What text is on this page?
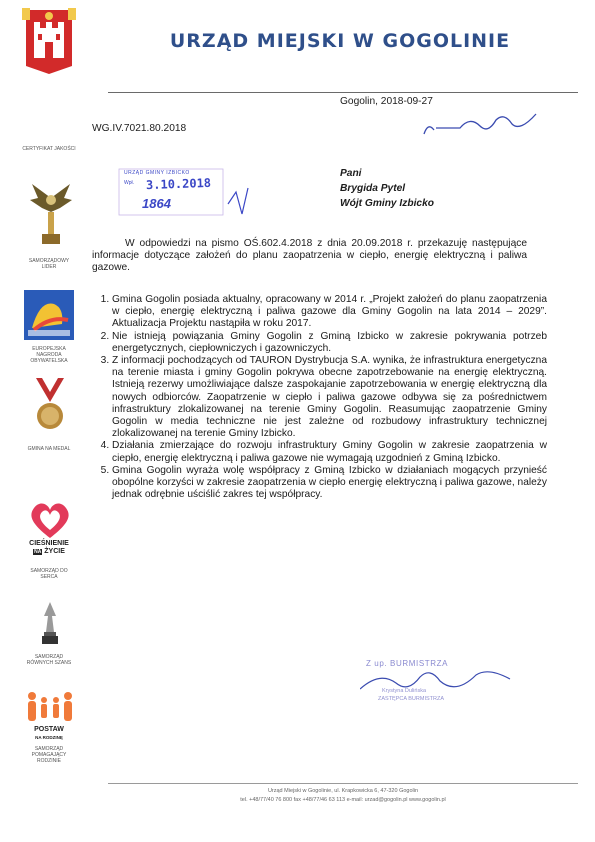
URZĄD MIEJSKI W GOGOLINIE
CERTYFIKAT JAKOŚCI
SAMORZĄDOWY LIDER
EUROPEJSKA NAGRODA OBYWATELSKA
GMINA NA MEDAL
CIEŚNIENIE
NA ŻYCIE
SAMORZĄD DO SERCA
SAMORZĄD RÓWNYCH SZANS
POSTAW
NA RODZINĘ
SAMORZĄD POMAGAJĄCY RODZINIE
Gogolin, 2018-09-27
WG.IV.7021.80.2018
URZĄD GMINY IZBICKO
Wpł. 3.10.2018
1864
Pani
Brygida Pytel
Wójt Gminy Izbicko
W odpowiedzi na pismo OŚ.602.4.2018 z dnia 20.09.2018 r. przekazuję następujące informacje dotyczące założeń do planu zaopatrzenia w ciepło, energię elektryczną i paliwa gazowe.
1. Gmina Gogolin posiada aktualny, opracowany w 2014 r. „Projekt założeń do planu zaopatrzenia w ciepło, energię elektryczną i paliwa gazowe dla Gminy Gogolin na lata 2014 – 2029”. Aktualizacja Projektu nastąpiła w roku 2017.
2. Nie istnieją powiązania Gminy Gogolin z Gminą Izbicko w zakresie pokrywania potrzeb energetycznych, ciepłowniczych i gazowniczych.
3. Z informacji pochodzących od TAURON Dystrybucja S.A. wynika, że infrastruktura energetyczna na terenie miasta i gminy Gogolin pokrywa obecne zapotrzebowanie na energię elektryczną. Istnieją rezerwy umożliwiające dalsze zaspokajanie zapotrzebowania w energię elektryczną dla nowych odbiorców. Zaopatrzenie w ciepło i paliwa gazowe odbywa się za pośrednictwem infrastruktury zlokalizowanej na terenie Gminy Gogolin. Reasumując zaopatrzenie Gminy Gogolin w media techniczne nie jest zależne od rozbudowy infrastruktury technicznej zlokalizowanej na terenie Gminy Izbicko.
4. Działania zmierzające do rozwoju infrastruktury Gminy Gogolin w zakresie zaopatrzenia w ciepło, energię elektryczną i paliwa gazowe nie wymagają uzgodnień z Gminą Izbicko.
5. Gmina Gogolin wyraża wolę współpracy z Gminą Izbicko w działaniach mogących przynieść obopólne korzyści w zakresie zaopatrzenia w ciepło energię elektryczną i paliwa gazowe, należy jednak odrębnie uściślić zakres tej współpracy.
Z up. BURMISTRZA
Krystyna Dulińska
ZASTĘPCA BURMISTRZA
Urząd Miejski w Gogolinie, ul. Krapkowicka 6, 47-320 Gogolin
tel. +48/77/40 76 800 fax +48/77/46 63 113 e-mail: urzad@gogolin.pl www.gogolin.pl
